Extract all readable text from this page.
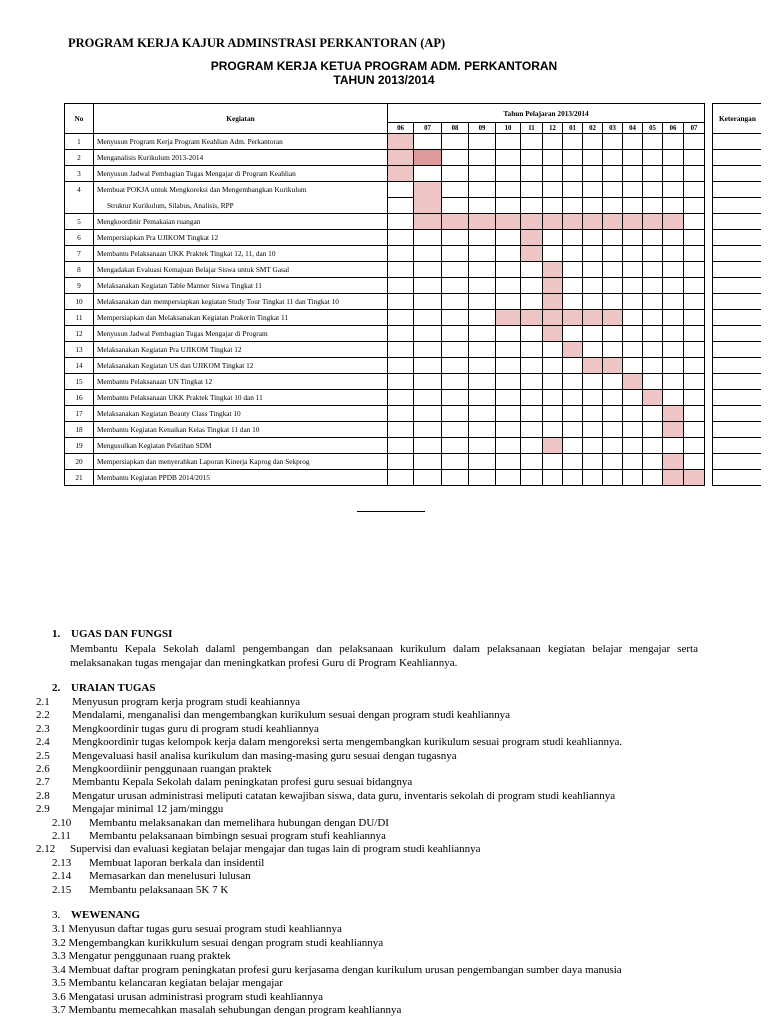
PROGRAM KERJA KAJUR ADMINSTRASI PERKANTORAN (AP)
PROGRAM KERJA KETUA PROGRAM ADM. PERKANTORAN
TAHUN 2013/2014
No	Kegiatan	Tahun Pelajaran 2013/2014															Keterangan
		06	07	08	09	10	11	12	01	02	03	04	05	06	07		
1	Menyusun Program Kerja Program Keahlian Adm. Perkantoran																
2	Menganalisis Kurikulum 2013-2014																
3	Menyusun Jadwal Pembagian Tugas Mengajar di Program Keahlian																
4	Membuat POKJA untuk Mengkoreksi dan Mengembangkan Kurikulum																
	Struktur Kurikulum, Silabus, Analisis, RPP																
5	Mengkoordinir Pemakaian ruangan																
6	Mempersiapkan Pra UJIKOM Tingkat 12																
7	Membantu Pelaksanaan UKK Praktek Tingkat 12, 11, dan 10																
8	Mengadakan Evaluasi Kemajuan Belajar Siswa untuk SMT Gasal																
9	Melaksanakan Kegiatan Table Manner Siswa Tingkat 11																
10	Melaksanakan dan mempersiapkan kegiatan Study Tour Tingkat 11 dan Tingkat 10																
11	Mempersiapkan dan Melaksanakan Kegiatan Prakerin Tingkat 11																
12	Menyusun Jadwal Pembagian Tugas Mengajar di Program																
13	Melaksanakan Kegiatan Pra UJIKOM Tingkat 12																
14	Melaksanakan Kegiatan US dan UJIKOM Tingkat 12																
15	Membantu Pelaksanaan UN Tingkat 12																
16	Membantu Pelaksanaan UKK Praktek Tingkat 10 dan 11																
17	Melaksanakan Kegiatan Beauty Class Tingkat 10																
18	Membantu Kegiatan Kenaikan Kelas Tingkat 11 dan 10																
19	Mengusulkan Kegiatan Pelatihan SDM																
20	Mempersiapkan dan menyerahkan Laporan Kinerja Kaprog dan Sekprog																
21	Membantu Kegiatan PPDB 2014/2015																
1. UGAS DAN FUNGSI
Membantu Kepala Sekolah dalaml pengembangan dan pelaksanaan kurikulum dalam pelaksanaan kegiatan belajar mengajar serta melaksanakan tugas mengajar dan meningkatkan profesi Guru di Program Keahliannya.
2. URAIAN TUGAS
2.1 Menyusun program kerja program studi keahiannya
2.2 Mendalami, menganalisi dan mengembangkan kurikulum sesuai dengan program studi keahliannya
2.3 Mengkoordinir tugas guru di program studi keahliannya
2.4 Mengkoordinir tugas kelompok kerja dalam mengoreksi serta mengembangkan kurikulum sesuai program studi keahliannya.
2.5 Mengevaluasi hasil analisa kurikulum dan masing-masing guru sesuai dengan tugasnya
2.6 Mengkoordiinir penggunaan ruangan praktek
2.7 Membantu Kepala Sekolah dalam peningkatan profesi guru sesuai bidangnya
2.8 Mengatur urusan administrasi meliputi catatan kewajiban siswa, data guru, inventaris sekolah di program studi keahliannya
2.9 Mengajar minimal 12 jam/minggu
2.10 Membantu melaksanakan dan memelihara hubungan dengan DU/DI
2.11 Membantu pelaksanaan bimbingn sesuai program stufi keahliannya
2.12 Supervisi dan evaluasi kegiatan belajar mengajar dan tugas lain di program studi keahliannya
2.13 Membuat laporan berkala dan insidentil
2.14 Memasarkan dan menelusuri lulusan
2.15 Membantu pelaksanaan 5K 7 K
3. WEWENANG
3.1 Menyusun daftar tugas guru sesuai program studi keahliannya
3.2 Mengembangkan kurikkulum sesuai dengan program studi keahliannya
3.3 Mengatur penggunaan ruang praktek
3.4 Membuat daftar program peningkatan profesi guru kerjasama dengan kurikulum urusan pengembangan sumber daya manusia
3.5 Membantu kelancaran kegiatan belajar mengajar
3.6 Mengatasi urusan administrasi program studi keahliannya
3.7 Membantu memecahkan masalah sehubungan dengan program keahliannya
